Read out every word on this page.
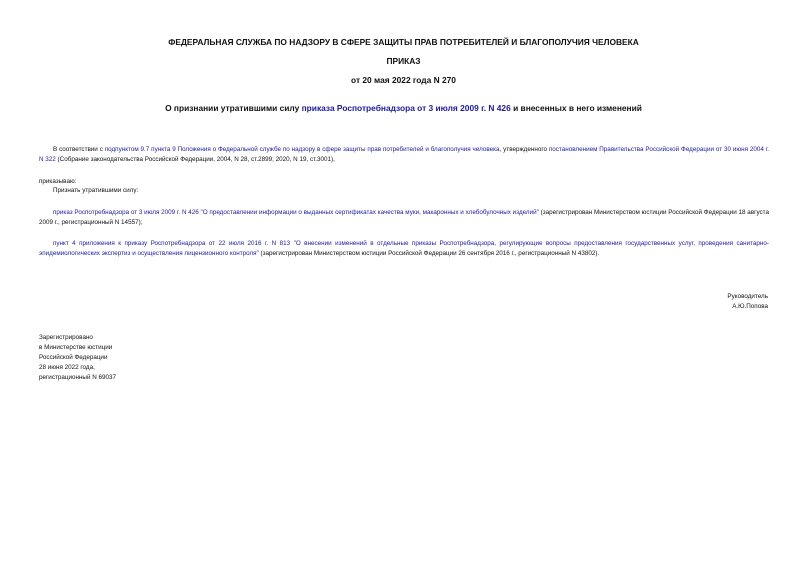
ФЕДЕРАЛЬНАЯ СЛУЖБА ПО НАДЗОРУ В СФЕРЕ ЗАЩИТЫ ПРАВ ПОТРЕБИТЕЛЕЙ И БЛАГОПОЛУЧИЯ ЧЕЛОВЕКА
ПРИКАЗ
от 20 мая 2022 года N 270
О признании утратившими силу приказа Роспотребнадзора от 3 июля 2009 г. N 426 и внесенных в него изменений
В соответствии с подпунктом 9.7 пункта 9 Положения о Федеральной службе по надзору в сфере защиты прав потребителей и благополучия человека, утвержденного постановлением Правительства Российской Федерации от 30 июня 2004 г. N 322 (Собрание законодательства Российской Федерации, 2004, N 28, ст.2899; 2020, N 19, ст.3001),
приказываю:
Признать утратившими силу:
приказ Роспотребнадзора от 3 июля 2009 г. N 426 "О предоставлении информации о выданных сертификатах качества муки, макаронных и хлебобулочных изделий" (зарегистрирован Министерством юстиции Российской Федерации 18 августа 2009 г., регистрационный N 14557);
пункт 4 приложения к приказу Роспотребнадзора от 22 июля 2016 г. N 813 "О внесении изменений в отдельные приказы Роспотребнадзора, регулирующие вопросы предоставления государственных услуг, проведения санитарно-эпидемиологических экспертиз и осуществления лицензионного контроля" (зарегистрирован Министерством юстиции Российской Федерации 26 сентября 2016 г., регистрационный N 43802).
Руководитель
А.Ю.Попова
Зарегистрировано
в Министерстве юстиции
Российской Федерации
28 июня 2022 года,
регистрационный N 69037
